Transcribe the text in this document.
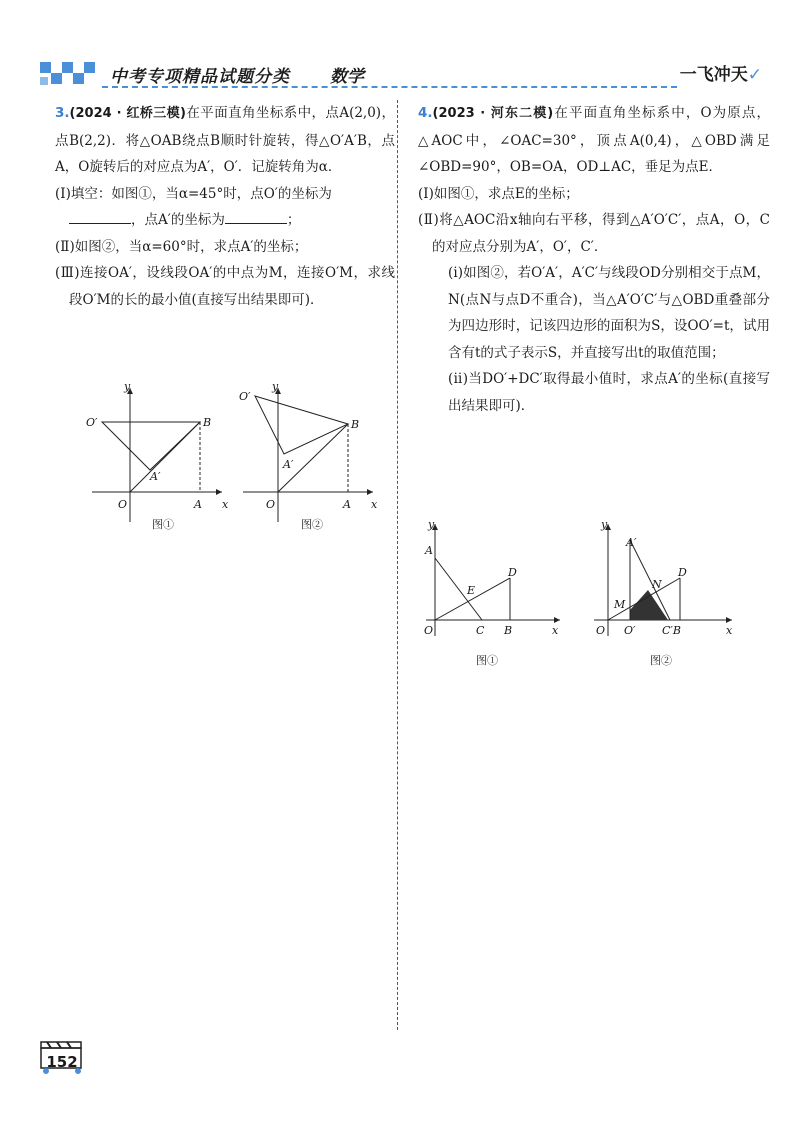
中考专项精品试题分类 数学	一飞冲天✓

3.(2024 · 红桥三模)在平面直角坐标系中，点A(2,0)，点B(2,2)．将△OAB绕点B顺时针旋转，得△O′A′B，点A，O旋转后的对应点为A′，O′．记旋转角为α．

(Ⅰ)填空：如图①，当α=45°时，点O′的坐标为
，点A′的坐标为	；

(Ⅱ)如图②，当α=60°时，求点A′的坐标；

(Ⅲ)连接OA′，设线段OA′的中点为M，连接O′M，求线段O′M的长的最小值(直接写出结果即可)．

y
x
O	A
B
O′
A′
图①
y
x
O	A
B
O′
A′
图②

4.(2023 · 河东二模)在平面直角坐标系中，O为原点，△AOC中，∠OAC=30°，顶点A(0,4)，△OBD满足∠OBD=90°，OB=OA，OD⊥AC，垂足为点E．

(Ⅰ)如图①，求点E的坐标；

(Ⅱ)将△AOC沿x轴向右平移，得到△A′O′C′，点A，O，C的对应点分别为A′，O′，C′．

(ⅰ)如图②，若O′A′，A′C′与线段OD分别相交于点M，N(点N与点D不重合)，当△A′O′C′与△OBD重叠部分为四边形时，记该四边形的面积为S，设OO′=t，试用含有t的式子表示S，并直接写出t的取值范围；

(ⅱ)当DO′+DC′取得最小值时，求点A′的坐标(直接写出结果即可)．

y
x
O
A
C B
D
E
图①
y
x
O
A′
O′ C′B
D
M
N
图②
152
